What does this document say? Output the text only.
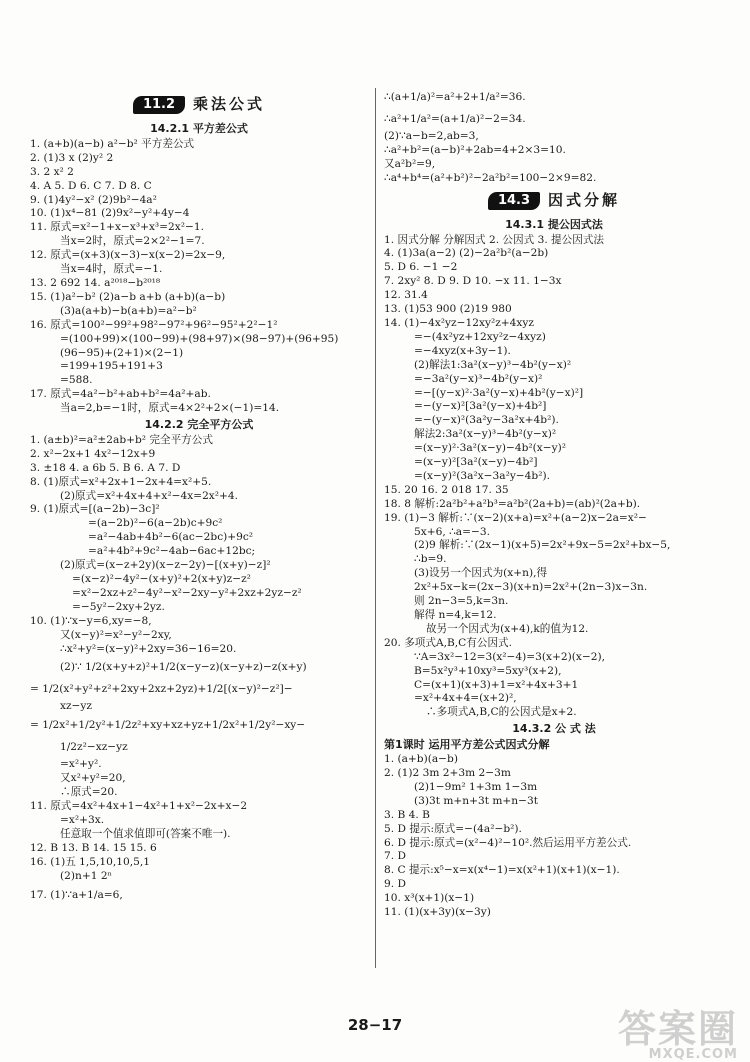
11.2	乘法公式
14.2.1 平方差公式
1. (a+b)(a−b) a²−b² 平方差公式
2. (1)3 x (2)y² 2
3. 2 x² 2
4. A 5. D 6. C 7. D 8. C
9. (1)4y²−x² (2)9b²−4a²
10. (1)x⁴−81 (2)9x²−y²+4y−4
11. 原式=x²−1+x−x³+x³=2x²−1.
当x=2时，原式=2×2²−1=7.
12. 原式=(x+3)(x−3)−x(x−2)=2x−9,
当x=4时，原式=−1.
13. 2 692 14. a²⁰¹⁸−b²⁰¹⁸
15. (1)a²−b² (2)a−b a+b (a+b)(a−b)
(3)a(a+b)−b(a+b)=a²−b²
16. 原式=100²−99²+98²−97²+96²−95²+2²−1²
=(100+99)×(100−99)+(98+97)×(98−97)+(96+95)
(96−95)+(2+1)×(2−1)
=199+195+191+3
=588.
17. 原式=4a²−b²+ab+b²=4a²+ab.
当a=2,b=−1时，原式=4×2²+2×(−1)=14.
14.2.2 完全平方公式
1. (a±b)²=a²±2ab+b² 完全平方公式
2. x²−2x+1 4x²−12x+9
3. ±18 4. a 6b 5. B 6. A 7. D
8. (1)原式=x²+2x+1−2x+4=x²+5.
(2)原式=x²+4x+4+x²−4x=2x²+4.
9. (1)原式=[(a−2b)−3c]²
=(a−2b)²−6(a−2b)c+9c²
=a²−4ab+4b²−6(ac−2bc)+9c²
=a²+4b²+9c²−4ab−6ac+12bc;
(2)原式=(x−z+2y)(x−z−2y)−[(x+y)−z]²
=(x−z)²−4y²−(x+y)²+2(x+y)z−z²
=x²−2xz+z²−4y²−x²−2xy−y²+2xz+2yz−z²
=−5y²−2xy+2yz.
10. (1)∵x−y=6,xy=−8,
又(x−y)²=x²−y²−2xy,
∴x²+y²=(x−y)²+2xy=36−16=20.
(2)∵ 1/2(x+y+z)²+1/2(x−y−z)(x−y+z)−z(x+y)
= 1/2(x²+y²+z²+2xy+2xz+2yz)+1/2[(x−y)²−z²]−
xz−yz
= 1/2x²+1/2y²+1/2z²+xy+xz+yz+1/2x²+1/2y²−xy−
1/2z²−xz−yz
=x²+y².
又x²+y²=20,
∴原式=20.
11. 原式=4x²+4x+1−4x²+1+x²−2x+x−2
=x²+3x.
任意取一个值求值即可(答案不唯一).
12. B 13. B 14. 15 15. 6
16. (1)五 1,5,10,10,5,1
(2)n+1 2ⁿ
17. (1)∵a+1/a=6,
∴(a+1/a)²=a²+2+1/a²=36.
∴a²+1/a²=(a+1/a)²−2=34.
(2)∵a−b=2,ab=3,
∴a²+b²=(a−b)²+2ab=4+2×3=10.
又a²b²=9,
∴a⁴+b⁴=(a²+b²)²−2a²b²=100−2×9=82.
14.3	因式分解
14.3.1 提公因式法
1. 因式分解 分解因式 2. 公因式 3. 提公因式法
4. (1)3a(a−2) (2)−2a²b²(a−2b)
5. D 6. −1 −2
7. 2xy² 8. D 9. D 10. −x 11. 1−3x
12. 31.4
13. (1)53 900 (2)19 980
14. (1)−4x²yz−12xy²z+4xyz
=−(4x²yz+12xy²z−4xyz)
=−4xyz(x+3y−1).
(2)解法1:3a²(x−y)³−4b²(y−x)²
=−3a²(y−x)³−4b²(y−x)²
=−[(y−x)²·3a²(y−x)+4b²(y−x)²]
=−(y−x)²[3a²(y−x)+4b²]
=−(y−x)²(3a²y−3a²x+4b²).
解法2:3a²(x−y)³−4b²(y−x)²
=(x−y)²·3a²(x−y)−4b²(x−y)²
=(x−y)²[3a²(x−y)−4b²]
=(x−y)²(3a²x−3a²y−4b²).
15. 20 16. 2 018 17. 35
18. 8 解析:2a²b²+a²b³=a²b²(2a+b)=(ab)²(2a+b).
19. (1)−3 解析:∵(x−2)(x+a)=x²+(a−2)x−2a=x²−
5x+6, ∴a=−3.
(2)9 解析:∵(2x−1)(x+5)=2x²+9x−5=2x²+bx−5,
∴b=9.
(3)设另一个因式为(x+n),得
2x²+5x−k=(2x−3)(x+n)=2x²+(2n−3)x−3n.
则 2n−3=5,k=3n.
解得 n=4,k=12.
故另一个因式为(x+4),k的值为12.
20. 多项式A,B,C有公因式.
∵A=3x²−12=3(x²−4)=3(x+2)(x−2),
B=5x²y³+10xy³=5xy³(x+2),
C=(x+1)(x+3)+1=x²+4x+3+1
=x²+4x+4=(x+2)²,
∴多项式A,B,C的公因式是x+2.
14.3.2 公 式 法
第1课时 运用平方差公式因式分解
1. (a+b)(a−b)
2. (1)2 3m 2+3m 2−3m
(2)1−9m² 1+3m 1−3m
(3)3t m+n+3t m+n−3t
3. B 4. B
5. D 提示:原式=−(4a²−b²).
6. D 提示:原式=(x²−4)²−10².然后运用平方差公式.
7. D
8. C 提示:x⁵−x=x(x⁴−1)=x(x²+1)(x+1)(x−1).
9. D
10. x³(x+1)(x−1)
11. (1)(x+3y)(x−3y)
28−17	答案圈
MXQE.COM
